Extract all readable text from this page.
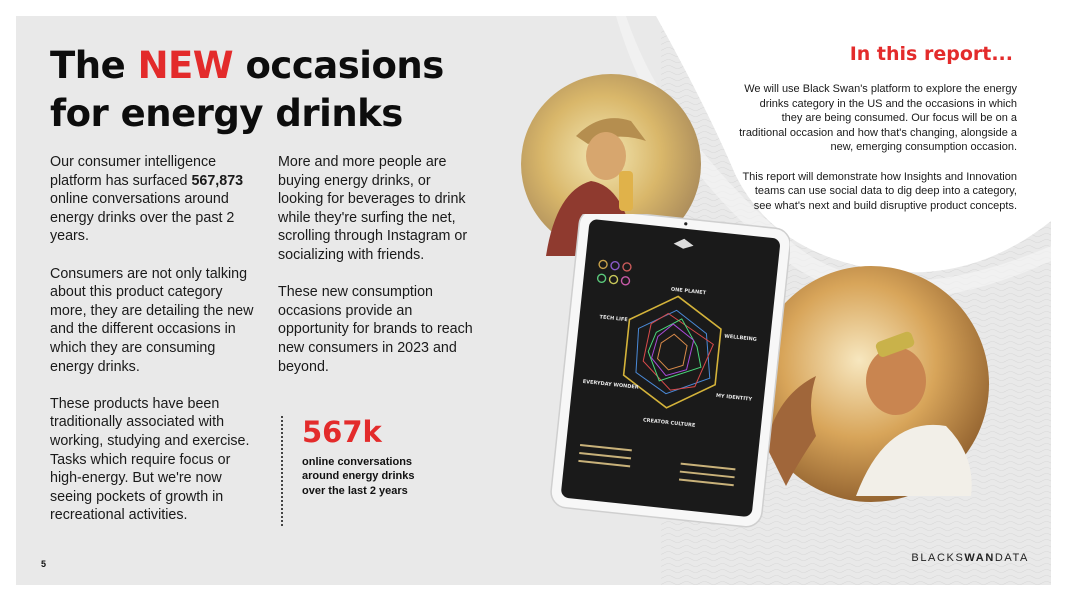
The NEW occasions for energy drinks

Our consumer intelligence platform has surfaced 567,873 online conversations around energy drinks over the past 2 years.

Consumers are not only talking about this product category more, they are detailing the new and the different occasions in which they are consuming energy drinks.

These products have been traditionally associated with working, studying and exercise. Tasks which require focus or high-energy. But we're now seeing pockets of growth in recreational activities.

More and more people are buying energy drinks, or looking for beverages to drink while they're surfing the net, scrolling through Instagram or socializing with friends.

These new consumption occasions provide an opportunity for brands to reach new consumers in 2023 and beyond.

567k
online conversations around energy drinks over the last 2 years
5
In this report...

We will use Black Swan's platform to explore the energy drinks category in the US and the occasions in which they are being consumed. Our focus will be on a traditional occasion and how that's changing, alongside a new, emerging consumption occasion.

This report will demonstrate how Insights and Innovation teams can use social data to dig deep into a category, see what's next and build disruptive product concepts.

ONE PLANET
WELLBEING
MY IDENTITY
CREATOR CULTURE
EVERYDAY WONDER
TECH LIFE
BLACKSWANDATA
